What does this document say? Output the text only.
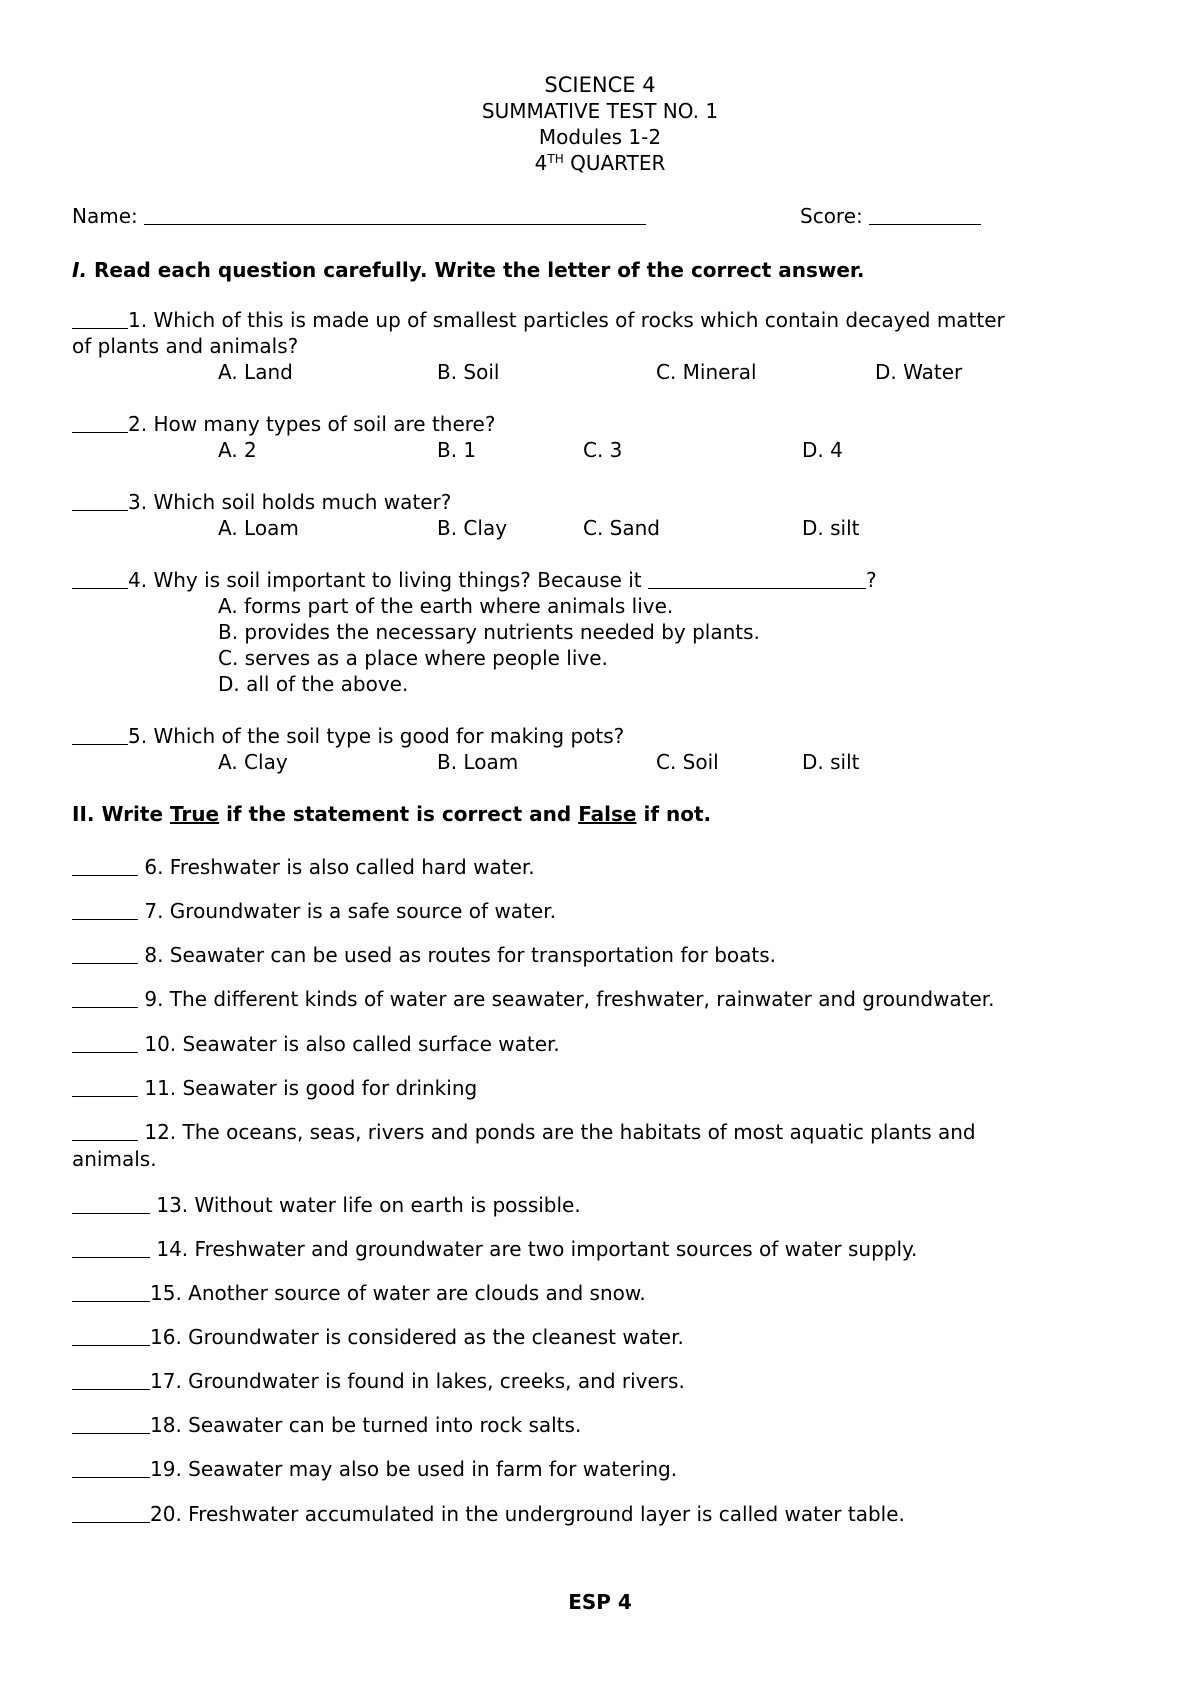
SCIENCE 4
SUMMATIVE TEST NO. 1
Modules 1-2
4TH QUARTER
Name:	Score:
I. Read each question carefully. Write the letter of the correct answer.
1. Which of this is made up of smallest particles of rocks which contain decayed matter
of plants and animals?
A. Land	B. Soil	C. Mineral	D. Water
2. How many types of soil are there?
A. 2	B. 1	C. 3	D. 4
3. Which soil holds much water?
A. Loam	B. Clay	C. Sand	D. silt
4. Why is soil important to living things? Because it	?
A. forms part of the earth where animals live.
B. provides the necessary nutrients needed by plants.
C. serves as a place where people live.
D. all of the above.
5. Which of the soil type is good for making pots?
A. Clay	B. Loam	C. Soil	D. silt
II. Write True if the statement is correct and False if not.
6. Freshwater is also called hard water.
7. Groundwater is a safe source of water.
8. Seawater can be used as routes for transportation for boats.
9. The different kinds of water are seawater, freshwater, rainwater and groundwater.
10. Seawater is also called surface water.
11. Seawater is good for drinking
12. The oceans, seas, rivers and ponds are the habitats of most aquatic plants and
animals.
13. Without water life on earth is possible.
14. Freshwater and groundwater are two important sources of water supply.
15. Another source of water are clouds and snow.
16. Groundwater is considered as the cleanest water.
17. Groundwater is found in lakes, creeks, and rivers.
18. Seawater can be turned into rock salts.
19. Seawater may also be used in farm for watering.
20. Freshwater accumulated in the underground layer is called water table.
ESP 4
